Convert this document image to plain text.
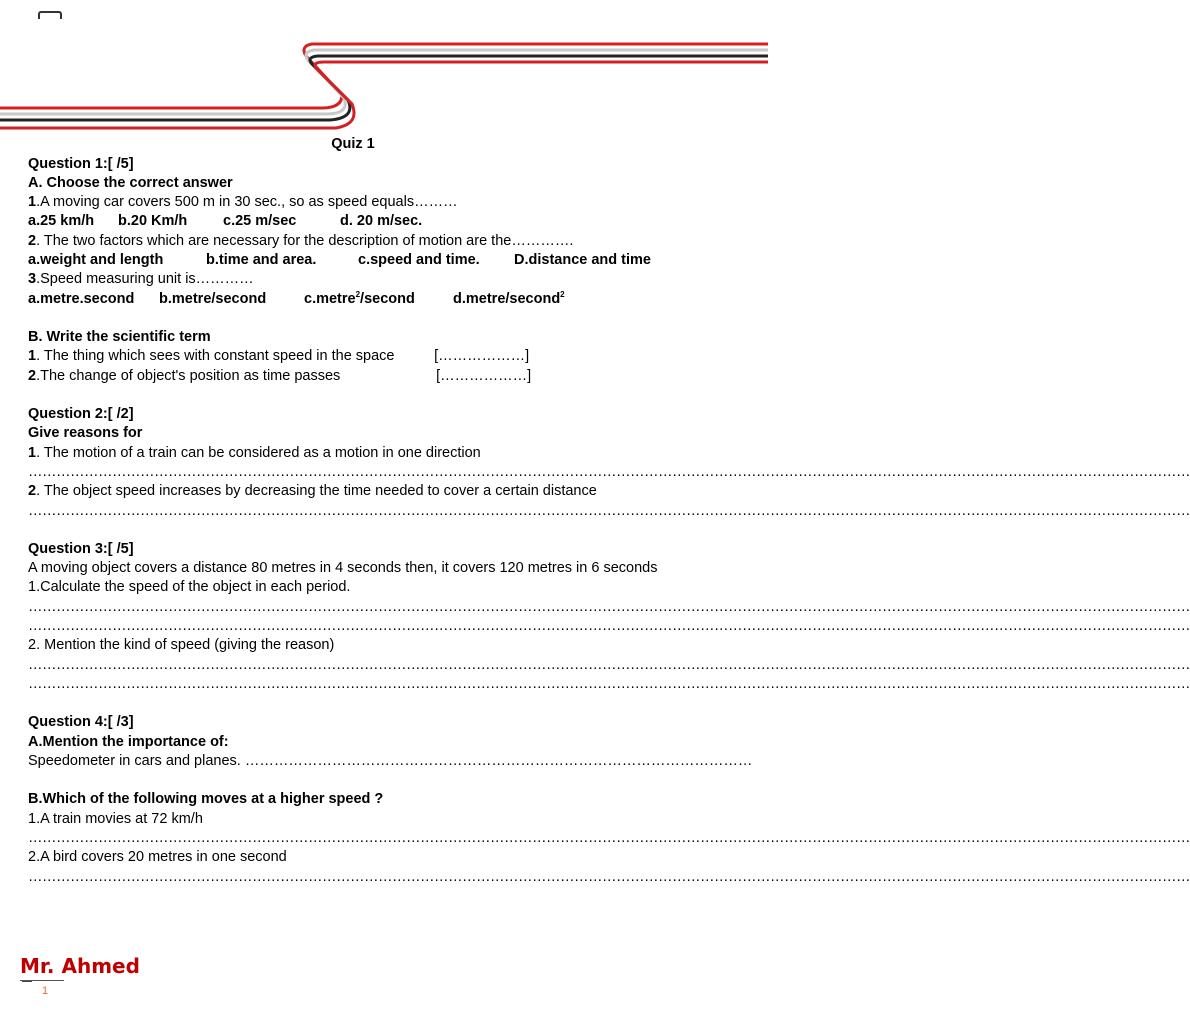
Quiz 1
Question 1:[ /5]
A. Choose the correct answer
1.A moving car covers 500 m in 30 sec., so as speed equals………
a.25 km/h b.20 Km/h c.25 m/sec	d. 20 m/sec.
2. The two factors which are necessary for the description of motion are the………….
a.weight and length	b.time and area.	c.speed and time. D.distance and time
3.Speed measuring unit is…………
a.metre.second b.metre/second	c.metre$^2$/second	d.metre/second$^2$
B. Write the scientific term
1. The thing which sees with constant speed in the space	[………………]
2.The change of object's position as time passes	[………………]
Question 2:[ /2]
Give reasons for
1. The motion of a train can be considered as a motion in one direction
……………………………………………………………………………………………………………………………………………………………………………………………………………………………
2. The object speed increases by decreasing the time needed to cover a certain distance
……………………………………………………………………………………………………………………………………………………………………………………………………………………………
Question 3:[ /5]
A moving object covers a distance 80 metres in 4 seconds then, it covers 120 metres in 6 seconds
1.Calculate the speed of the object in each period.
……………………………………………………………………………………………………………………………………………………………………………………………………………………………
……………………………………………………………………………………………………………………………………………………………………………………………………………………………
2. Mention the kind of speed (giving the reason)
……………………………………………………………………………………………………………………………………………………………………………………………………………………………
……………………………………………………………………………………………………………………………………………………………………………………………………………………………
Question 4:[ /3]
A.Mention the importance of:
Speedometer in cars and planes. ……………………………………………………………………………………………
B.Which of the following moves at a higher speed ?
1.A train movies at 72 km/h
……………………………………………………………………………………………………………………………………………………………………………………………………………………………
2.A bird covers 20 metres in one second
……………………………………………………………………………………………………………………………………………………………………………………………………………………………
Mr. Ahmed
1
